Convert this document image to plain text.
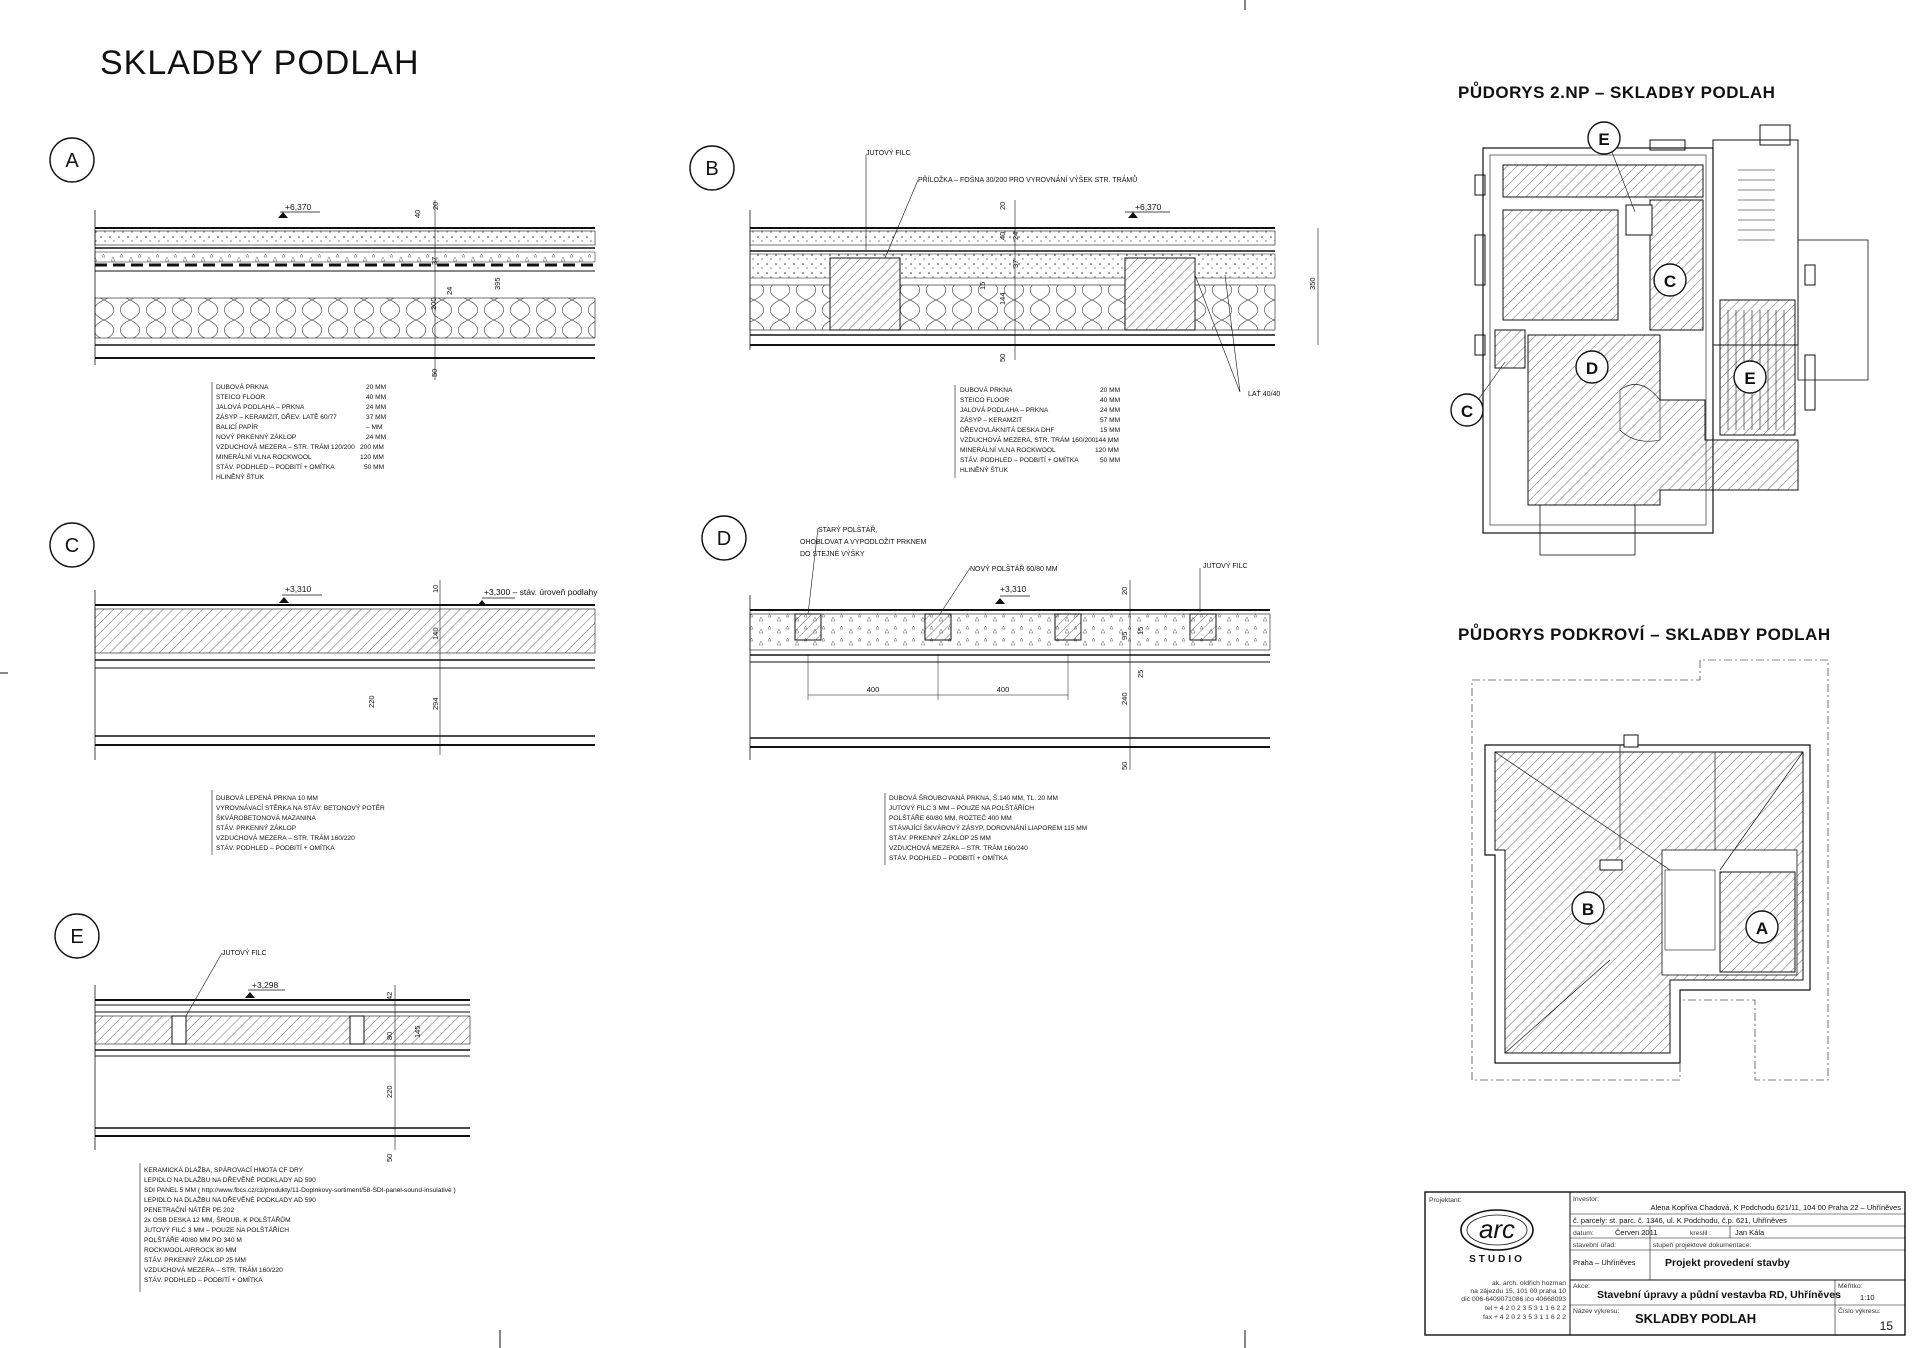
SKLADBY PODLAH
A
+6,370
40
20
37
24
395
200
50
DUBOVÁ PRKNA	20 MM
STEICO FLOOR	40 MM
JALOVÁ PODLAHA – PRKNA	24 MM
ZÁSYP – KERAMZIT, DŘEV. LATĚ 60/77	37 MM
BALICÍ PAPÍR	– MM
NOVÝ PRKENNÝ ZÁKLOP	24 MM
VZDUCHOVÁ MEZERA – STR. TRÁM 120/200 200 MM
MINERÁLNÍ VLNA ROCKWOOL	120 MM
STÁV. PODHLED – PODBITÍ + OMÍTKA	50 MM
HLINĚNÝ ŠTUK
B
+6,370
JUTOVÝ FILC
PŘÍLOŽKA – FOŠNA 30/200 PRO VYROVNÁNÍ VÝŠEK STR. TRÁMŮ
LAŤ 40/40
20
40 24
37
15
144
50
350
DUBOVÁ PRKNA	20 MM
STEICO FLOOR	40 MM
JALOVÁ PODLAHA – PRKNA	24 MM
ZÁSYP – KERAMZIT	57 MM
DŘEVOVLÁKNITÁ DESKA DHF	15 MM
VZDUCHOVÁ MEZERA, STR. TRÁM 160/200 144 MM
MINERÁLNÍ VLNA ROCKWOOL	120 MM
STÁV. PODHLED – PODBITÍ + OMÍTKA	50 MM
HLINĚNÝ ŠTUK
C
+3,310	+3,300 – stáv. úroveň podlahy
10
140
220	294
DUBOVÁ LEPENÁ PRKNA 10 MM
VYROVNÁVACÍ STĚRKA NA STÁV. BETONOVÝ POTĚR
ŠKVÁROBETONOVÁ MAZANINA
STÁV. PRKENNÝ ZÁKLOP
VZDUCHOVÁ MEZERA – STR. TRÁM 160/220
STÁV. PODHLED – PODBITÍ + OMÍTKA
D
+3,310
STARÝ POLŠTÁŘ,
OHOBLOVAT A VYPODLOŽIT PRKNEM
DO STEJNÉ VÝŠKY
NOVÝ POLŠTÁŘ 60/80 MM	JUTOVÝ FILC
400	400
20
15
95
25
240
50
DUBOVÁ ŠROUBOVANÁ PRKNA, Š.140 MM, TL. 20 MM
JUTOVÝ FILC 3 MM – POUZE NA POLŠTÁŘÍCH
POLŠTÁŘE 60/80 MM, ROZTEČ 400 MM
STÁVAJÍCÍ ŠKVÁROVÝ ZÁSYP, DOROVNÁNÍ LIAPOREM 115 MM
STÁV. PRKENNÝ ZÁKLOP 25 MM
VZDUCHOVÁ MEZERA – STR. TRÁM 160/240
STÁV. PODHLED – PODBITÍ + OMÍTKA
E
+3,298
JUTOVÝ FILC
42
80	145
220
50
KERAMICKÁ DLAŽBA, SPÁROVACÍ HMOTA CF DRY
LEPIDLO NA DLAŽBU NA DŘEVĚNÉ PODKLADY AD 590
SDI PANEL 5 MM ( http://www.fbcs.cz/cz/produkty/11-Doplnkovy-sortiment/58-SDI-panel-sound-insulative )
LEPIDLO NA DLAŽBU NA DŘEVĚNÉ PODKLADY AD 590
PENETRAČNÍ NÁTĚR PE 202
2x OSB DESKA 12 MM, ŠROUB. K POLŠTÁŘŮM
JUTOVÝ FILC 3 MM – POUZE NA POLŠTÁŘÍCH
POLŠTÁŘE 40/80 MM PO 340 M
ROCKWOOL AIRROCK 80 MM
STÁV. PRKENNÝ ZÁKLOP 25 MM
VZDUCHOVÁ MEZERA – STR. TRÁM 160/220
STÁV. PODHLED – PODBITÍ + OMÍTKA
PŮDORYS 2.NP – SKLADBY PODLAH
E
C
D
E
C
PŮDORYS PODKROVÍ – SKLADBY PODLAH
B
A
Projektant:
arc
STUDIO
ak. arch. oldřich hozman
na zájezdu 15, 101 00 praha 10
dič 006-6409071086 ičo 40668093
tel + 4 2 0 2 3 5 3 1 1 6 2 2
fax + 4 2 0 2 3 5 3 1 1 6 2 2
Investor:
Alena Kopřiva Chadová, K Podchodu 621/11, 104 00 Praha 22 – Uhříněves
č. parcely: st. parc. č. 1346, ul. K Podchodu, č.p. 621, Uhříněves
datum:	Červen 2011	kreslil :	Jan Kála
stavební úřad:
Praha – Uhříněves
stupeň projektové dokumentace:
Projekt provedení stavby
Akce:
Stavební úpravy a půdní vestavba RD, Uhříněves
Měřítko:
1:10
Název výkresu: SKLADBY PODLAH	Číslo výkresu:
15
